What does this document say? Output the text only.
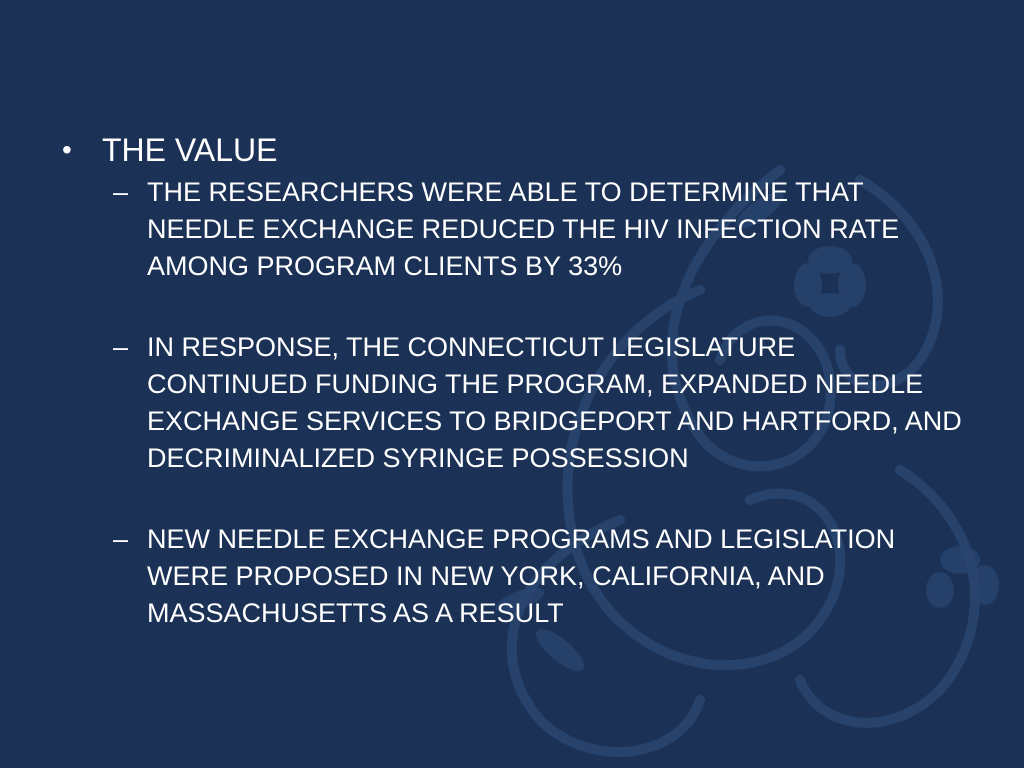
• THE VALUE
– THE RESEARCHERS WERE ABLE TO DETERMINE THAT NEEDLE EXCHANGE REDUCED THE HIV INFECTION RATE AMONG PROGRAM CLIENTS BY 33%
– IN RESPONSE, THE CONNECTICUT LEGISLATURE CONTINUED FUNDING THE PROGRAM, EXPANDED NEEDLE EXCHANGE SERVICES TO BRIDGEPORT AND HARTFORD, AND DECRIMINALIZED SYRINGE POSSESSION
– NEW NEEDLE EXCHANGE PROGRAMS AND LEGISLATION WERE PROPOSED IN NEW YORK, CALIFORNIA, AND MASSACHUSETTS AS A RESULT
